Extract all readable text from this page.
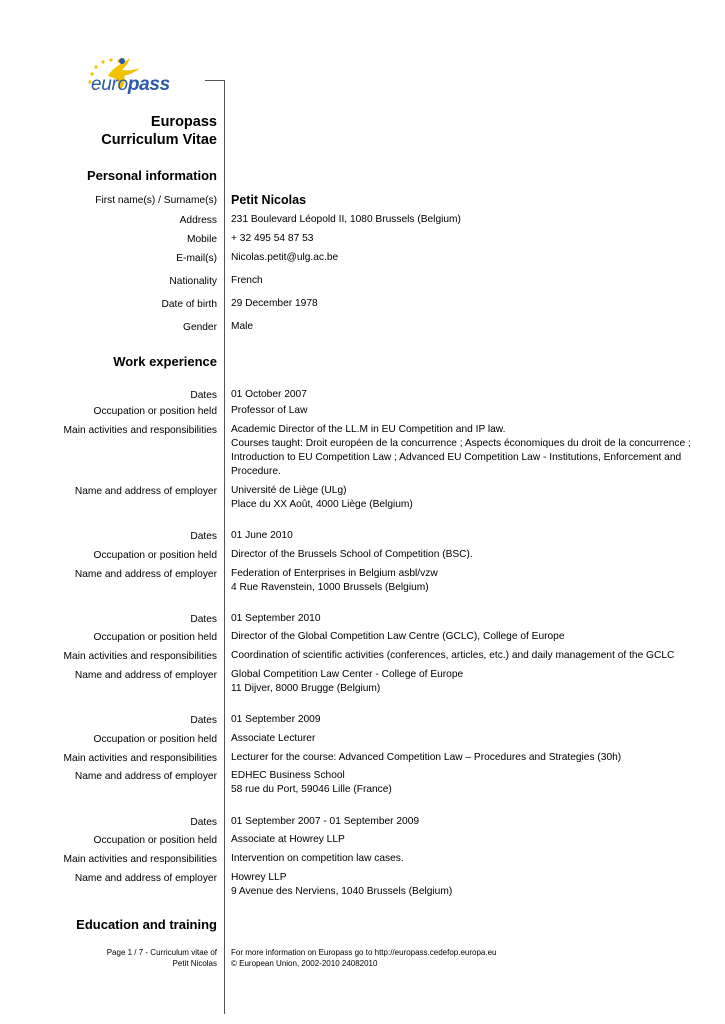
europass
Europass
Curriculum Vitae
Personal information
First name(s) / Surname(s) Petit Nicolas
Address 231 Boulevard Léopold II, 1080 Brussels (Belgium)
Mobile + 32 495 54 87 53
E-mail(s) Nicolas.petit@ulg.ac.be
Nationality French
Date of birth 29 December 1978
Gender Male
Work experience
Dates 01 October 2007
Occupation or position held Professor of Law
Main activities and responsibilities Academic Director of the LL.M in EU Competition and IP law.
Courses taught: Droit européen de la concurrence ; Aspects économiques du droit de la concurrence ;
Introduction to EU Competition Law ; Advanced EU Competition Law - Institutions, Enforcement and
Procedure.
Name and address of employer Université de Liège (ULg)
Place du XX Août, 4000 Liège (Belgium)
Dates 01 June 2010
Occupation or position held Director of the Brussels School of Competition (BSC).
Name and address of employer Federation of Enterprises in Belgium asbl/vzw
4 Rue Ravenstein, 1000 Brussels (Belgium)
Dates 01 September 2010
Occupation or position held Director of the Global Competition Law Centre (GCLC), College of Europe
Main activities and responsibilities Coordination of scientific activities (conferences, articles, etc.) and daily management of the GCLC
Name and address of employer Global Competition Law Center - College of Europe
11 Dijver, 8000 Brugge (Belgium)
Dates 01 September 2009
Occupation or position held Associate Lecturer
Main activities and responsibilities Lecturer for the course: Advanced Competition Law – Procedures and Strategies (30h)
Name and address of employer EDHEC Business School
58 rue du Port, 59046 Lille (France)
Dates 01 September 2007 - 01 September 2009
Occupation or position held Associate at Howrey LLP
Main activities and responsibilities Intervention on competition law cases.
Name and address of employer Howrey LLP
9 Avenue des Nerviens, 1040 Brussels (Belgium)
Education and training
Page 1 / 7 - Curriculum vitae of
Petit Nicolas
For more information on Europass go to http://europass.cedefop.europa.eu
© European Union, 2002-2010 24082010
